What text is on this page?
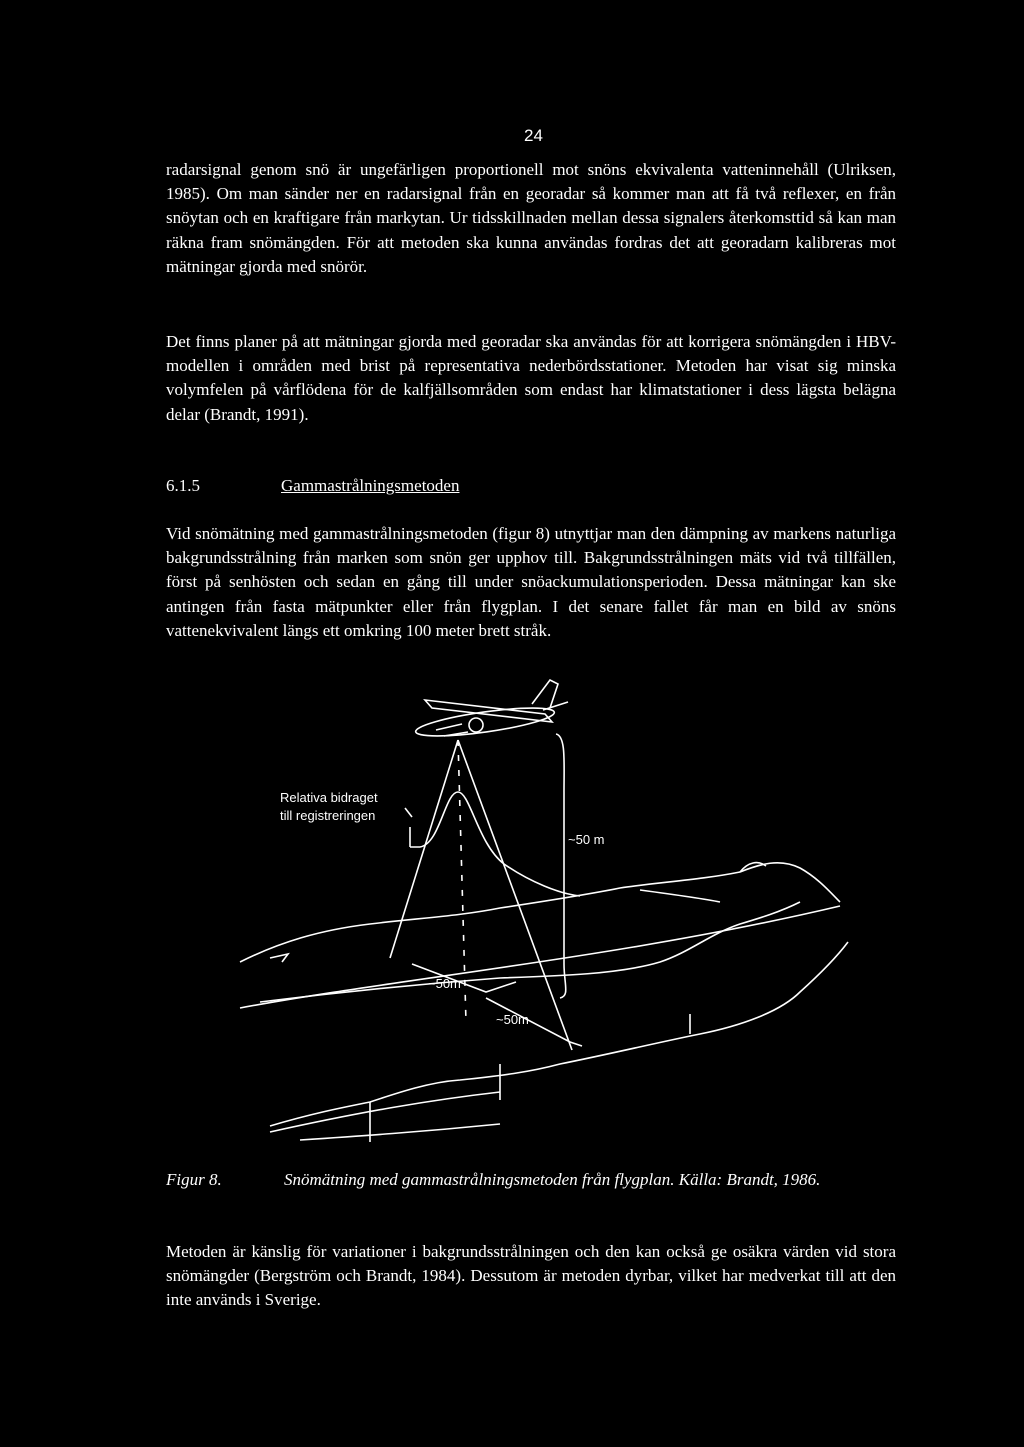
24

radarsignal genom snö är ungefärligen proportionell mot snöns ekvivalenta vatteninnehåll (Ulriksen, 1985). Om man sänder ner en radarsignal från en georadar så kommer man att få två reflexer, en från snöytan och en kraftigare från markytan. Ur tidsskillnaden mellan dessa signalers återkomsttid så kan man räkna fram snömängden. För att metoden ska kunna användas fordras det att georadarn kalibreras mot mätningar gjorda med snörör.

Det finns planer på att mätningar gjorda med georadar ska användas för att korrigera snömängden i HBV-modellen i områden med brist på representativa nederbördsstationer. Metoden har visat sig minska volymfelen på vårflödena för de kalfjällsområden som endast har klimatstationer i dess lägsta belägna delar (Brandt, 1991).

6.1.5	Gammastrålningsmetoden

Vid snömätning med gammastrålningsmetoden (figur 8) utnyttjar man den dämpning av markens naturliga bakgrundsstrålning från marken som snön ger upphov till. Bakgrundsstrålningen mäts vid två tillfällen, först på senhösten och sedan en gång till under snöackumulationsperioden. Dessa mätningar kan ske antingen från fasta mätpunkter eller från flygplan. I det senare fallet får man en bild av snöns vattenekvivalent längs ett omkring 100 meter brett stråk.

Relativa bidraget
till registreringen
~50 m
~50m
~50m
Figur 8.	Snömätning med gammastrålningsmetoden från flygplan. Källa: Brandt, 1986.

Metoden är känslig för variationer i bakgrundsstrålningen och den kan också ge osäkra värden vid stora snömängder (Bergström och Brandt, 1984). Dessutom är metoden dyrbar, vilket har medverkat till att den inte används i Sverige.
